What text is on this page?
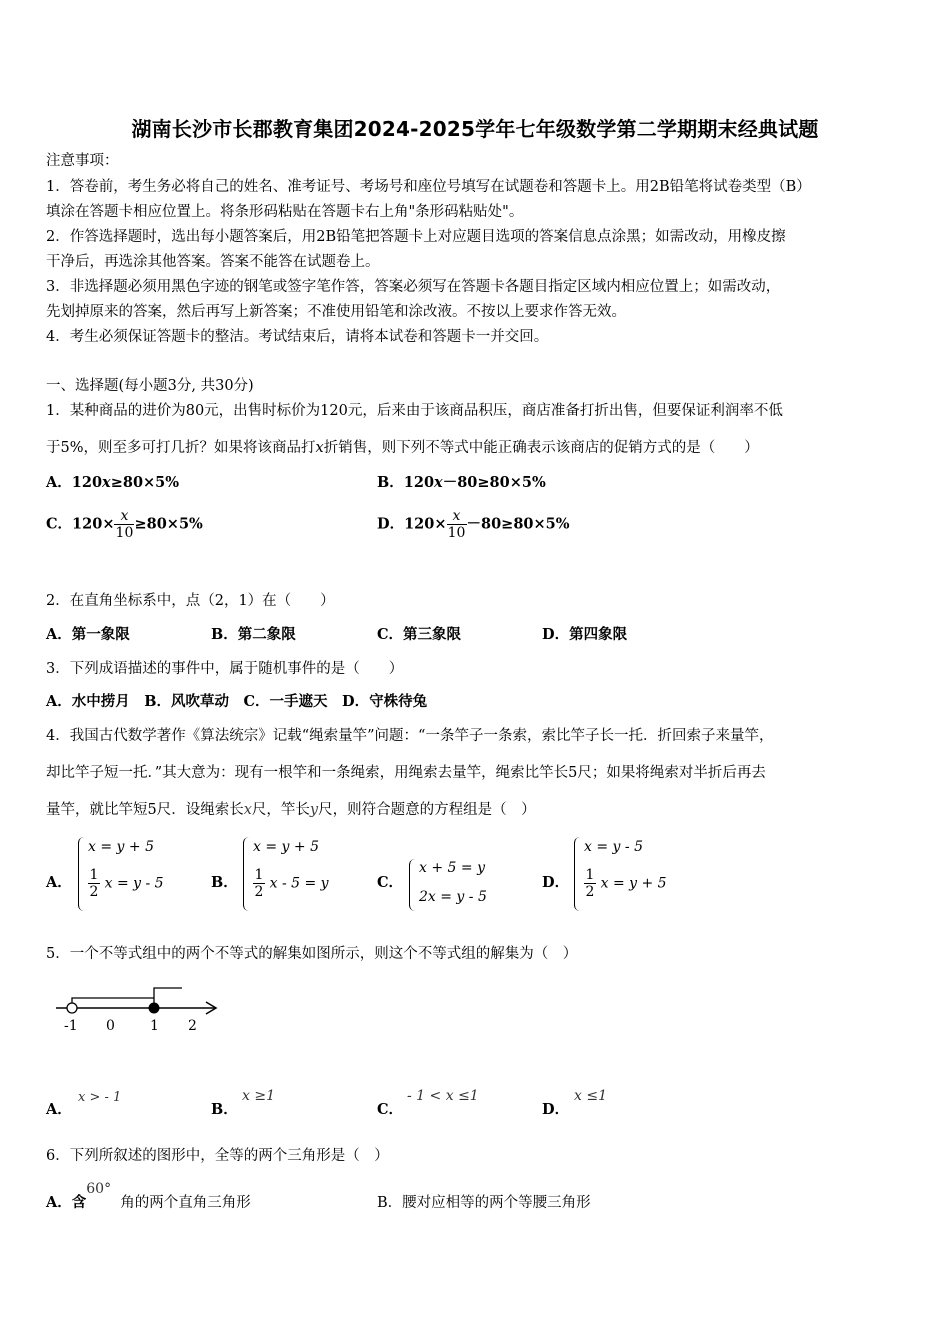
湖南长沙市长郡教育集团2024-2025学年七年级数学第二学期期末经典试题
注意事项：
1．答卷前，考生务必将自己的姓名、准考证号、考场号和座位号填写在试题卷和答题卡上。用2B铅笔将试卷类型（B）
填涂在答题卡相应位置上。将条形码粘贴在答题卡右上角"条形码粘贴处"。
2．作答选择题时，选出每小题答案后，用2B铅笔把答题卡上对应题目选项的答案信息点涂黑；如需改动，用橡皮擦
干净后，再选涂其他答案。答案不能答在试题卷上。
3．非选择题必须用黑色字迹的钢笔或签字笔作答，答案必须写在答题卡各题目指定区域内相应位置上；如需改动，
先划掉原来的答案，然后再写上新答案；不准使用铅笔和涂改液。不按以上要求作答无效。
4．考生必须保证答题卡的整洁。考试结束后，请将本试卷和答题卡一并交回。
一、选择题(每小题3分, 共30分)
1．某种商品的进价为80元，出售时标价为120元，后来由于该商品积压，商店准备打折出售，但要保证利润率不低
于5%，则至多可打几折？如果将该商品打x折销售，则下列不等式中能正确表示该商店的促销方式的是（　　）
A．120x≥80×5%	B．120x－80≥80×5%
C．$120\times \frac{x}{10} \ge 80\times 5\%$	D．$120\times \frac{x}{10} -80\ge 80\times 5\%$
2．在直角坐标系中，点（2，1）在（　　）
A．第一象限	B．第二象限	C．第三象限	D．第四象限
3．下列成语描述的事件中，属于随机事件的是（　　）
A．水中捞月　B．风吹草动　C．一手遮天　D．守株待兔
4．我国古代数学著作《算法统宗》记载“绳索量竿”问题：“一条竿子一条索，索比竿子长一托．折回索子来量竿，
却比竿子短一托．”其大意为：现有一根竿和一条绳索，用绳索去量竿，绳索比竿长5尺；如果将绳索对半折后再去
量竿，就比竿短5尺．设绳索长x尺，竿长y尺，则符合题意的方程组是（　）
A．
x = y + 5
$\frac{1}{2}$ x = y - 5	B．
x = y + 5
$\frac{1}{2}$ x - 5 = y	C．
x + 5 = y
2x = y - 5
D．
x = y - 5
$\frac{1}{2}$ x = y + 5
5．一个不等式组中的两个不等式的解集如图所示，则这个不等式组的解集为（　）
-1 0	1 2
A．
x > - 1
B．
x ≥1
C．
- 1 < x ≤1
D．
x ≤1
6．下列所叙述的图形中，全等的两个三角形是（　）
A．含60°角的两个直角三角形	B．腰对应相等的两个等腰三角形
